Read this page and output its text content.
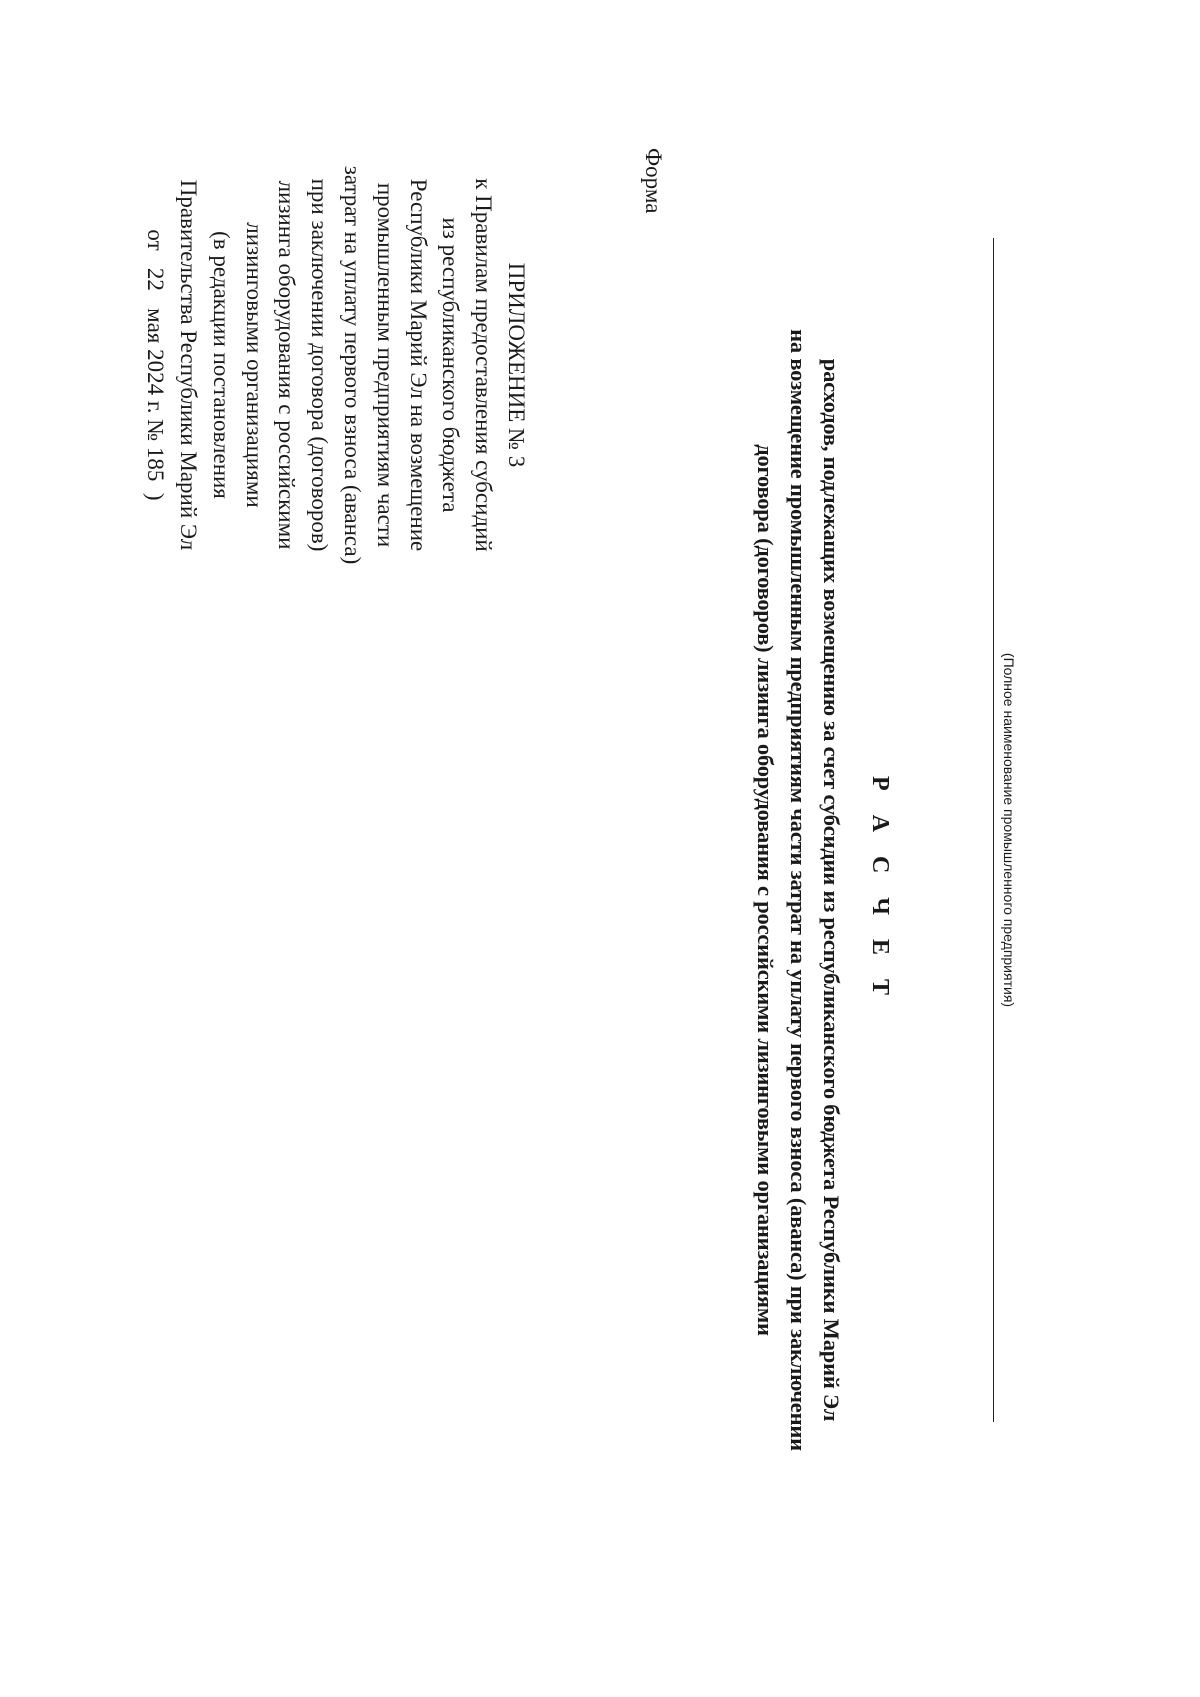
ПРИЛОЖЕНИЕ № 3
к Правилам предоставления субсидий
из республиканского бюджета
Республики Марий Эл на возмещение
промышленным предприятиям части
затрат на уплату первого взноса (аванса)
при заключении договора (договоров)
лизинга оборудования с российскими
лизинговыми организациями
(в редакции постановления
Правительства Республики Марий Эл
от   22   мая 2024 г. № 185  )
Форма
Р А С Ч Е Т
расходов, подлежащих возмещению за счет субсидии из республиканского бюджета Республики Марий Эл
на возмещение промышленным предприятиям части затрат на уплату первого взноса (аванса) при заключении
договора (договоров) лизинга оборудования с российскими лизинговыми организациями	(Полное наименование промышленного предприятия)
